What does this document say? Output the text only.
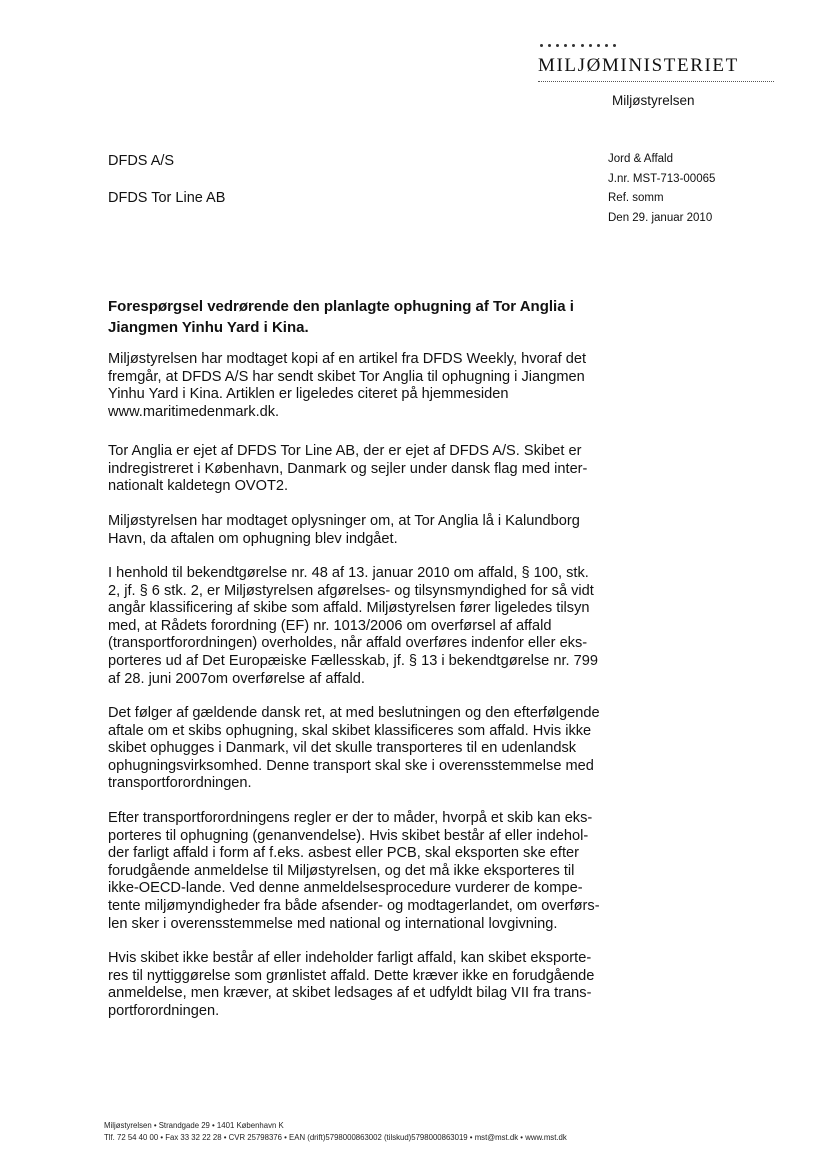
MILJØMINISTERIET
Miljøstyrelsen
DFDS A/S
DFDS Tor Line AB
Jord & Affald
J.nr. MST-713-00065
Ref. somm
Den 29. januar 2010
Forespørgsel vedrørende den planlagte ophugning af Tor Anglia i
Jiangmen Yinhu Yard i Kina.
Miljøstyrelsen har modtaget kopi af en artikel fra DFDS Weekly, hvoraf det
fremgår, at DFDS A/S har sendt skibet Tor Anglia til ophugning i Jiangmen
Yinhu Yard i Kina. Artiklen er ligeledes citeret på hjemmesiden
www.maritimedenmark.dk.
Tor Anglia er ejet af DFDS Tor Line AB, der er ejet af DFDS A/S. Skibet er
indregistreret i København, Danmark og sejler under dansk flag med inter-
nationalt kaldetegn OVOT2.
Miljøstyrelsen har modtaget oplysninger om, at Tor Anglia lå i Kalundborg
Havn, da aftalen om ophugning blev indgået.
I henhold til bekendtgørelse nr. 48 af 13. januar 2010 om affald, § 100, stk.
2, jf. § 6 stk. 2, er Miljøstyrelsen afgørelses- og tilsynsmyndighed for så vidt
angår klassificering af skibe som affald. Miljøstyrelsen fører ligeledes tilsyn
med, at Rådets forordning (EF) nr. 1013/2006 om overførsel af affald
(transportforordningen) overholdes, når affald overføres indenfor eller eks-
porteres ud af Det Europæiske Fællesskab, jf. § 13 i bekendtgørelse nr. 799
af 28. juni 2007om overførelse af affald.
Det følger af gældende dansk ret, at med beslutningen og den efterfølgende
aftale om et skibs ophugning, skal skibet klassificeres som affald. Hvis ikke
skibet ophugges i Danmark, vil det skulle transporteres til en udenlandsk
ophugningsvirksomhed. Denne transport skal ske i overensstemmelse med
transportforordningen.
Efter transportforordningens regler er der to måder, hvorpå et skib kan eks-
porteres til ophugning (genanvendelse). Hvis skibet består af eller indehol-
der farligt affald i form af f.eks. asbest eller PCB, skal eksporten ske efter
forudgående anmeldelse til Miljøstyrelsen, og det må ikke eksporteres til
ikke-OECD-lande. Ved denne anmeldelsesprocedure vurderer de kompe-
tente miljømyndigheder fra både afsender- og modtagerlandet, om overførs-
len sker i overensstemmelse med national og international lovgivning.
Hvis skibet ikke består af eller indeholder farligt affald, kan skibet eksporte-
res til nyttiggørelse som grønlistet affald. Dette kræver ikke en forudgående
anmeldelse, men kræver, at skibet ledsages af et udfyldt bilag VII fra trans-
portforordningen.
Miljøstyrelsen • Strandgade 29 • 1401 København K
Tlf. 72 54 40 00 • Fax 33 32 22 28 • CVR 25798376 • EAN (drift)5798000863002 (tilskud)5798000863019 • mst@mst.dk • www.mst.dk
